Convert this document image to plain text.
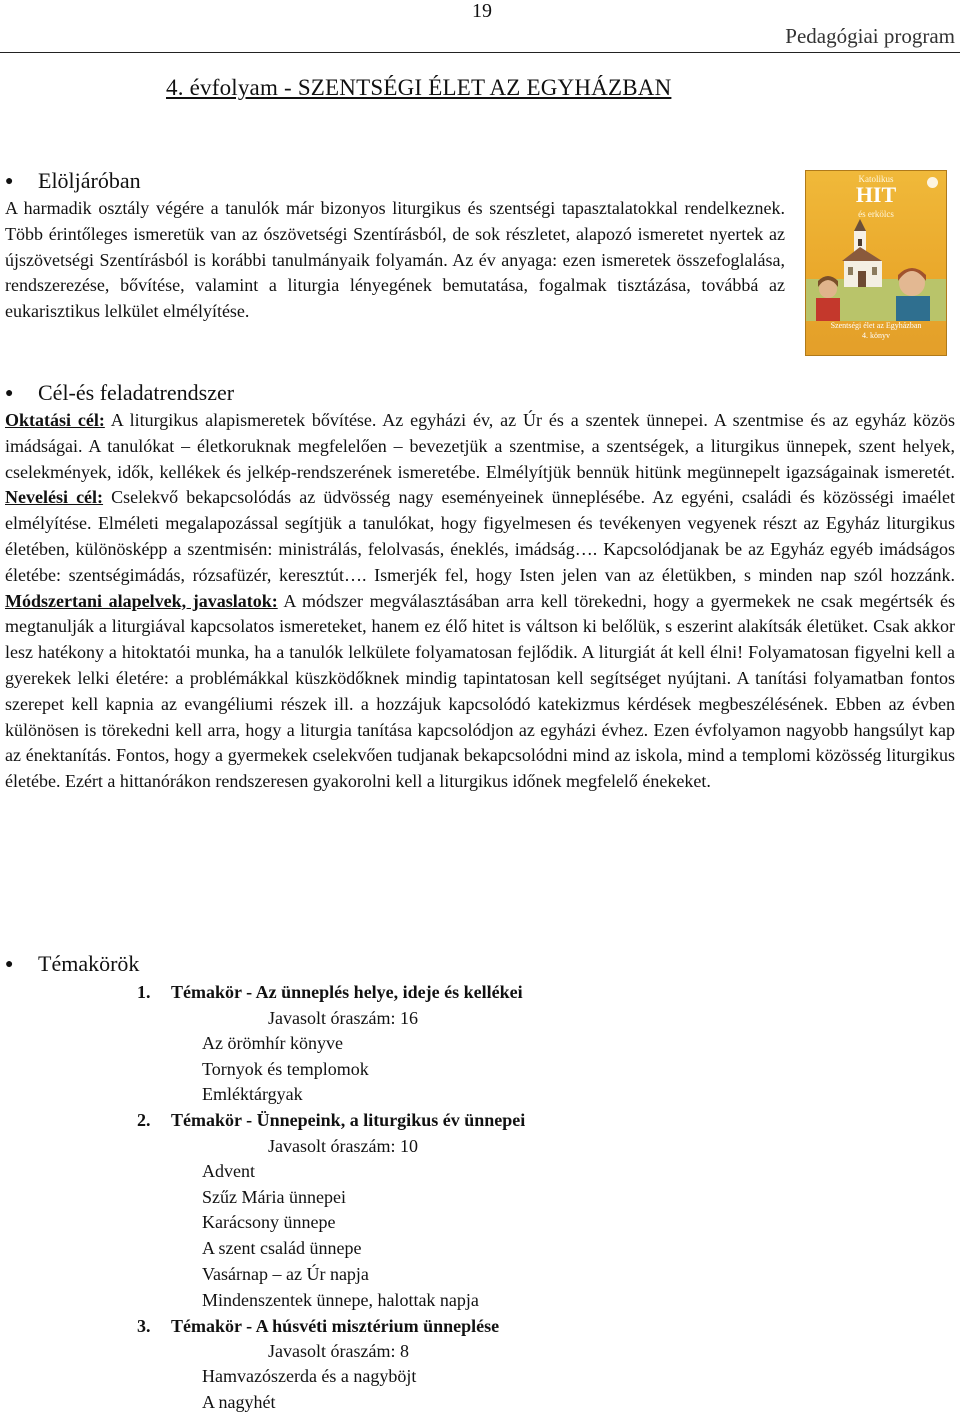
19
Pedagógiai program
4. évfolyam - SZENTSÉGI ÉLET AZ EGYHÁZBAN
Katolikus
HIT
és erkölcs
Szentségi élet az Egyházban
4. könyv
● Elöljáróban

A harmadik osztály végére a tanulók már bizonyos liturgikus és szentségi tapasztalatokkal rendelkeznek. Több érintőleges ismeretük van az ószövetségi Szentírásból, de sok részletet, alapozó ismeretet nyertek az újszövetségi Szentírásból is korábbi tanulmányaik folyamán. Az év anyaga: ezen ismeretek összefoglalása, rendszerezése, bővítése, valamint a liturgia lényegének bemutatása, fogalmak tisztázása, továbbá az eukarisztikus lelkület elmélyítése.

● Cél-és feladatrendszer

Oktatási cél: A liturgikus alapismeretek bővítése. Az egyházi év, az Úr és a szentek ünnepei. A szentmise és az egyház közös imádságai. A tanulókat – életkoruknak megfelelően – bevezetjük a szentmise, a szentségek, a liturgikus ünnepek, szent helyek, cselekmények, idők, kellékek és jelkép-rendszerének ismeretébe. Elmélyítjük bennük hitünk megünnepelt igazságainak ismeretét. Nevelési cél: Cselekvő bekapcsolódás az üdvösség nagy eseményeinek ünneplésébe. Az egyéni, családi és közösségi imaélet elmélyítése. Elméleti megalapozással segítjük a tanulókat, hogy figyelmesen és tevékenyen vegyenek részt az Egyház liturgikus életében, különösképp a szentmisén: ministrálás, felolvasás, éneklés, imádság…. Kapcsolódjanak be az Egyház egyéb imádságos életébe: szentségimádás, rózsafüzér, keresztút…. Ismerjék fel, hogy Isten jelen van az életükben, s minden nap szól hozzánk. Módszertani alapelvek, javaslatok: A módszer megválasztásában arra kell törekedni, hogy a gyermekek ne csak megértsék és megtanulják a liturgiával kapcsolatos ismereteket, hanem ez élő hitet is váltson ki belőlük, s eszerint alakítsák életüket. Csak akkor lesz hatékony a hitoktatói munka, ha a tanulók lelkülete folyamatosan fejlődik. A liturgiát át kell élni! Folyamatosan figyelni kell a gyerekek lelki életére: a problémákkal küszködőknek mindig tapintatosan kell segítséget nyújtani. A tanítási folyamatban fontos szerepet kell kapnia az evangéliumi részek ill. a hozzájuk kapcsolódó katekizmus kérdések megbeszélésének. Ebben az évben különösen is törekedni kell arra, hogy a liturgia tanítása kapcsolódjon az egyházi évhez. Ezen évfolyamon nagyobb hangsúlyt kap az énektanítás. Fontos, hogy a gyermekek cselekvően tudjanak bekapcsolódni mind az iskola, mind a templomi közösség liturgikus életébe. Ezért a hittanórákon rendszeresen gyakorolni kell a liturgikus időnek megfelelő énekeket.

● Témakörök
1. Témakör - Az ünneplés helye, ideje és kellékei
Javasolt óraszám: 16
Az örömhír könyve
Tornyok és templomok
Emléktárgyak
2. Témakör - Ünnepeink, a liturgikus év ünnepei
Javasolt óraszám: 10
Advent
Szűz Mária ünnepei
Karácsony ünnepe
A szent család ünnepe
Vasárnap – az Úr napja
Mindenszentek ünnepe, halottak napja
3. Témakör - A húsvéti misztérium ünneplése
Javasolt óraszám: 8
Hamvazószerda és a nagyböjt
A nagyhét
